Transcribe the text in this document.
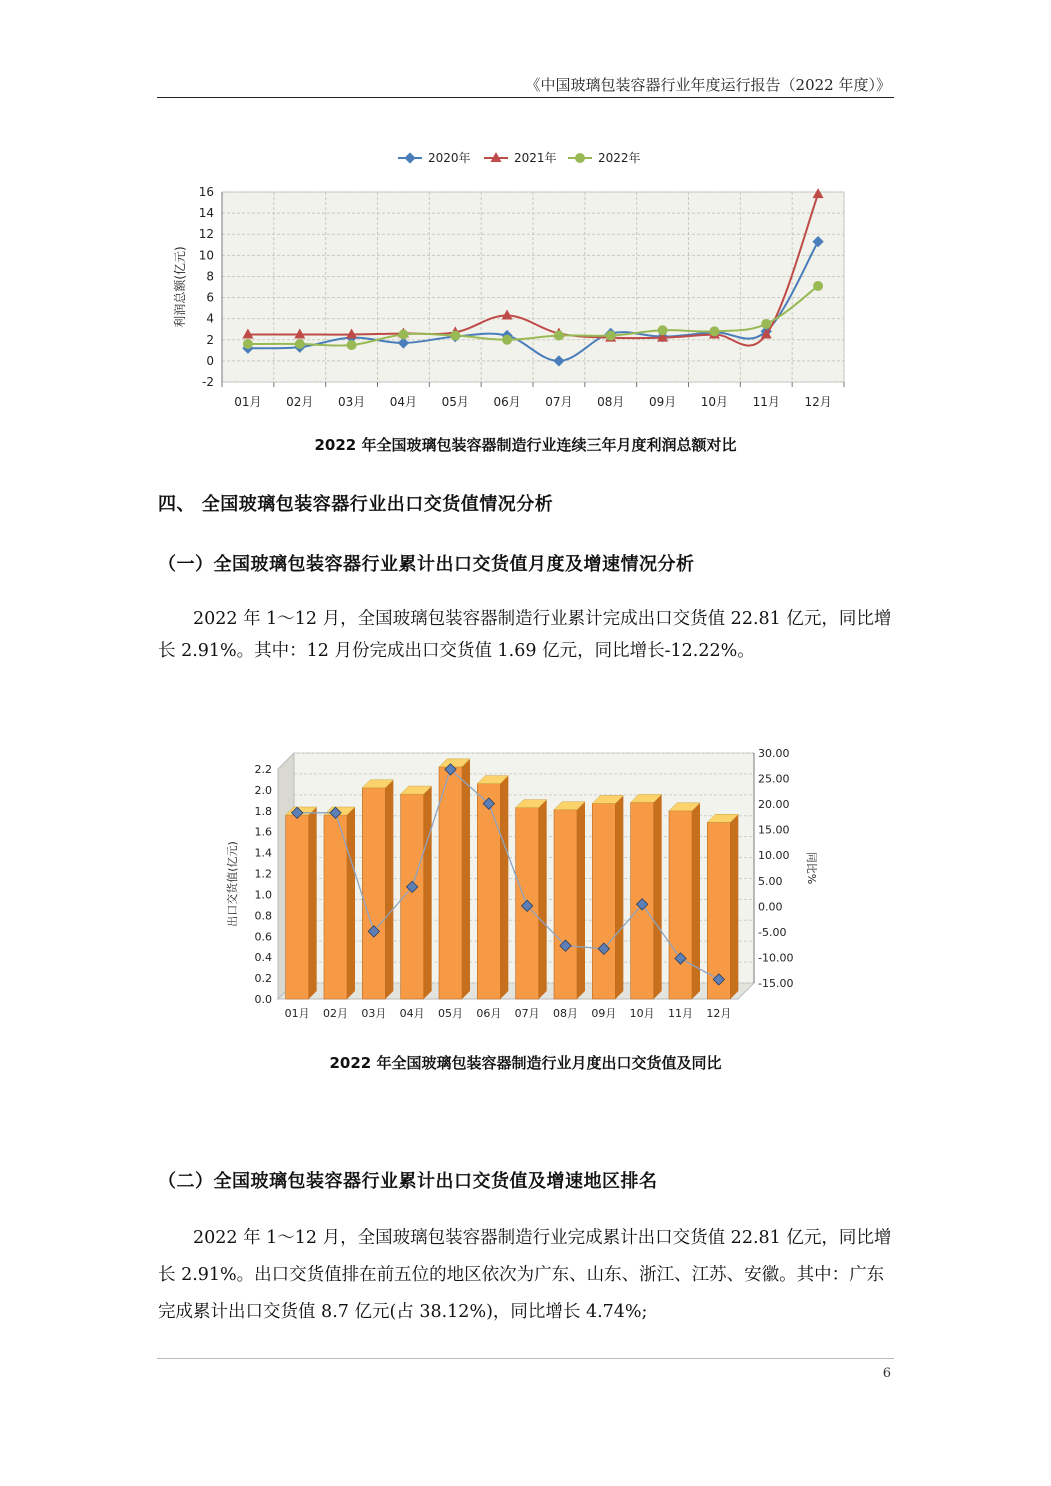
《中国玻璃包装容器行业年度运行报告（2022 年度）》
-2
0
2
4
6
8
10
12
14
16
01月 02月 03月 04月 05月 06月 07月 08月 09月 10月 11月 12月
利润总额(亿元)
2020年	2021年	2022年
2022 年全国玻璃包装容器制造行业连续三年月度利润总额对比
四、 全国玻璃包装容器行业出口交货值情况分析
（一）全国玻璃包装容器行业累计出口交货值月度及增速情况分析

2022 年 1～12 月，全国玻璃包装容器制造行业累计完成出口交货值 22.81 亿元，同比增长 2.91%。其中：12 月份完成出口交货值 1.69 亿元，同比增长-12.22%。

0.0
0.2
0.4
0.6
0.8
1.0
1.2
1.4
1.6
1.8
2.0
2.2
-15.00
-10.00
-5.00
0.00
5.00
10.00
15.00
20.00
25.00
30.00
01月 02月 03月 04月 05月 06月 07月 08月 09月 10月 11月 12月
出口交货值(亿元)	同比%
2022 年全国玻璃包装容器制造行业月度出口交货值及同比
（二）全国玻璃包装容器行业累计出口交货值及增速地区排名

2022 年 1～12 月，全国玻璃包装容器制造行业完成累计出口交货值 22.81 亿元，同比增长 2.91%。出口交货值排在前五位的地区依次为广东、山东、浙江、江苏、安徽。其中：广东完成累计出口交货值 8.7 亿元(占 38.12%)，同比增长 4.74%;

6
